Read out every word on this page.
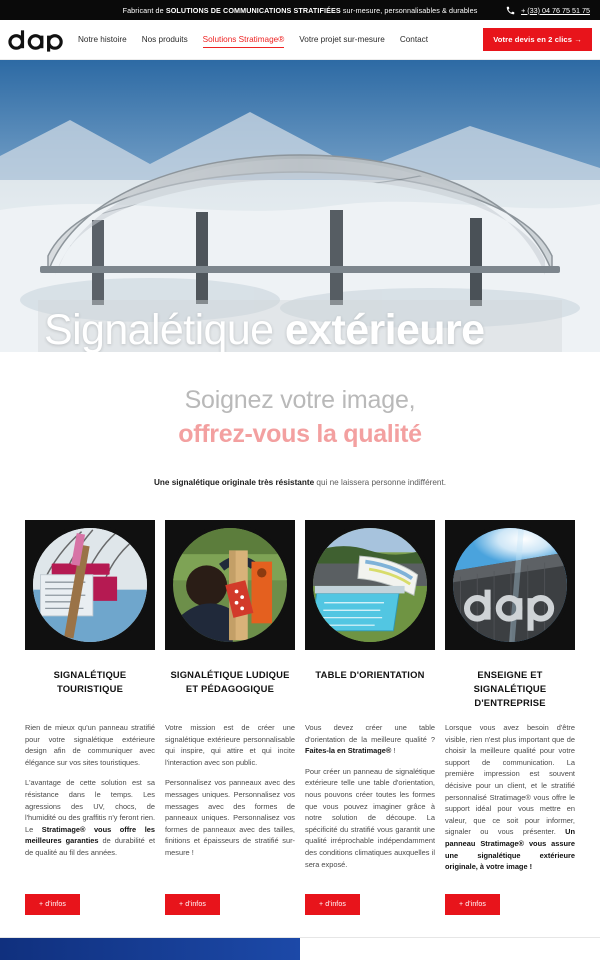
Fabricant de SOLUTIONS DE COMMUNICATIONS STRATIFIÉES sur-mesure, personnalisables & durables	+ (33) 04 76 75 51 75
Notre histoire Nos produits Solutions Stratimage® Votre projet sur-mesure Contact	Votre devis en 2 clics →
Signalétique extérieure
Soignez votre image,
offrez-vous la qualité
Une signalétique originale très résistante qui ne laissera personne indifférent.
SIGNALÉTIQUE TOURISTIQUE

Rien de mieux qu'un panneau stratifié pour votre signalétique extérieure design afin de communiquer avec élégance sur vos sites touristiques.

L'avantage de cette solution est sa résistance dans le temps. Les agressions des UV, chocs, de l'humidité ou des graffitis n'y feront rien. Le Stratimage® vous offre les meilleures garanties de durabilité et de qualité au fil des années.

+ d'infos
SIGNALÉTIQUE LUDIQUE ET PÉDAGOGIQUE

Votre mission est de créer une signalétique extérieure personnalisable qui inspire, qui attire et qui incite l'interaction avec son public.

Personnalisez vos panneaux avec des messages uniques. Personnalisez vos messages avec des formes de panneaux uniques. Personnalisez vos formes de panneaux avec des tailles, finitions et épaisseurs de stratifié sur-mesure !

+ d'infos
TABLE D'ORIENTATION

Vous devez créer une table d'orientation de la meilleure qualité ? Faites-la en Stratimage® !

Pour créer un panneau de signalétique extérieure telle une table d'orientation, nous pouvons créer toutes les formes que vous pouvez imaginer grâce à notre solution de découpe. La spécificité du stratifié vous garantit une qualité irréprochable indépendamment des conditions climatiques auxquelles il sera exposé.

+ d'infos
ENSEIGNE ET SIGNALÉTIQUE D'ENTREPRISE

Lorsque vous avez besoin d'être visible, rien n'est plus important que de choisir la meilleure qualité pour votre support de communication. La première impression est souvent décisive pour un client, et le stratifié personnalisé Stratimage® vous offre le support idéal pour vous mettre en valeur, que ce soit pour informer, signaler ou vous présenter. Un panneau Stratimage® vous assure une signalétique extérieure originale, à votre image !

+ d'infos
